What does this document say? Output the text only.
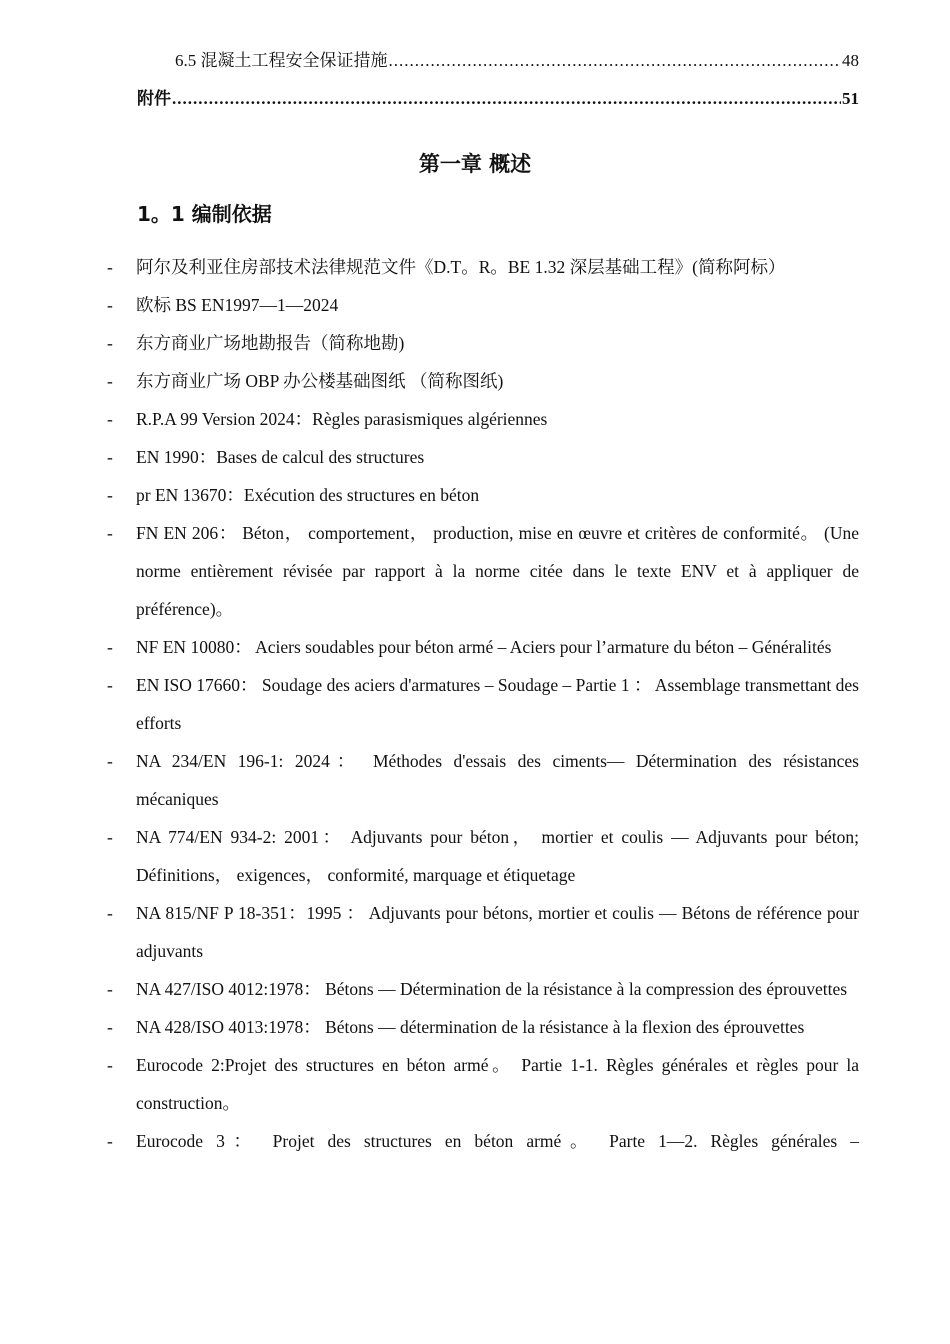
6.5 混凝土工程安全保证措施 .....	48
附件 .....	51
第一章 概述
1。1 编制依据
- 阿尔及利亚住房部技术法律规范文件《D.T。R。BE 1.32 深层基础工程》(简称阿标）
- 欧标 BS EN1997—1—2024
- 东方商业广场地勘报告（简称地勘)
- 东方商业广场 OBP 办公楼基础图纸 （简称图纸)
- R.P.A 99 Version 2024：Règles parasismiques algériennes
- EN 1990：Bases de calcul des structures
- pr EN 13670：Exécution des structures en béton
- FN EN 206： Béton， comportement， production, mise en œuvre et critères de conformité。 (Une norme entièrement révisée par rapport à la norme citée dans le texte ENV et à appliquer de préférence)。
- NF EN 10080： Aciers soudables pour béton armé – Aciers pour l’armature du béton – Généralités
- EN ISO 17660： Soudage des aciers d'armatures – Soudage – Partie 1 ： Assemblage transmettant des efforts
- NA 234/EN 196-1: 2024： Méthodes d'essais des ciments— Détermination des résistances mécaniques
- NA 774/EN 934-2: 2001： Adjuvants pour béton， mortier et coulis — Adjuvants pour béton; Définitions， exigences， conformité, marquage et étiquetage
- NA 815/NF P 18-351：1995 ： Adjuvants pour bétons, mortier et coulis — Bétons de référence pour adjuvants
- NA 427/ISO 4012:1978： Bétons — Détermination de la résistance à la compression des éprouvettes
- NA 428/ISO 4013:1978： Bétons — détermination de la résistance à la flexion des éprouvettes
- Eurocode 2:Projet des structures en béton armé。 Partie 1-1. Règles générales et règles pour la construction。
- Eurocode 3： Projet des structures en béton armé。 Parte 1—2. Règles générales –
